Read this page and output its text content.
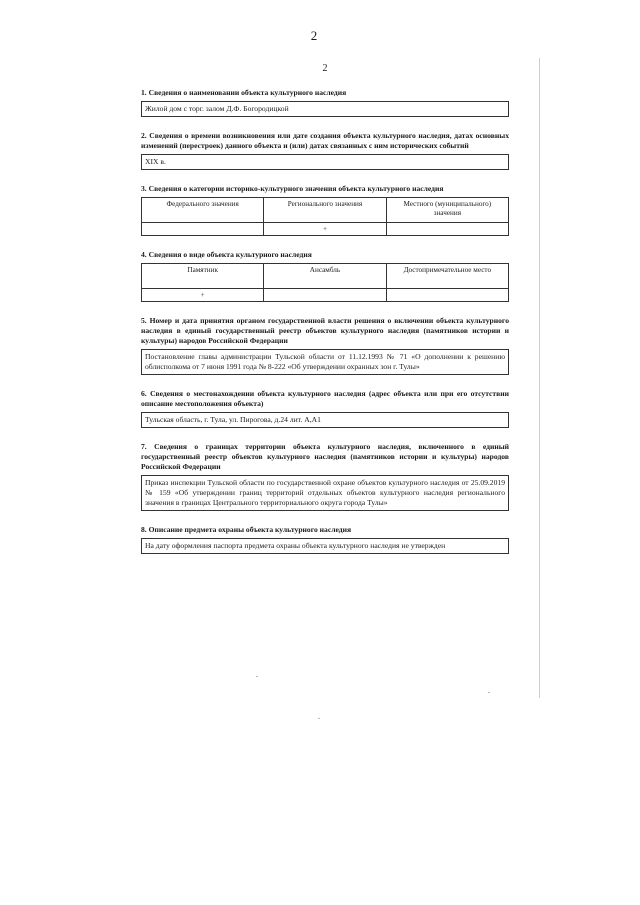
2
2
1. Сведения о наименовании объекта культурного наследия
Жилой дом с торг. залом Д.Ф. Богородицкой
2. Сведения о времени возникновения или дате создания объекта культурного наследия, датах основных изменений (перестроек) данного объекта и (или) датах связанных с ним исторических событий
XIX в.
3. Сведения о категории историко-культурного значения объекта культурного наследия
Федерального значения	Регионального значения	Местного (муниципального) значения
	+	
4. Сведения о виде объекта культурного наследия
Памятник	Ансамбль	Достопримечательное место
+		
5. Номер и дата принятия органом государственной власти решения о включении объекта культурного наследия в единый государственный реестр объектов культурного наследия (памятников истории и культуры) народов Российской Федерации
Постановление главы администрации Тульской области от 11.12.1993 № 71 «О дополнении к решению облисполкома от 7 июня 1991 года № 8-222 «Об утверждении охранных зон г. Тулы»
6. Сведения о местонахождении объекта культурного наследия (адрес объекта или при его отсутствии описание местоположения объекта)
Тульская область, г. Тула, ул. Пирогова, д.24 лит. А,А1
7. Сведения о границах территории объекта культурного наследия, включенного в единый государственный реестр объектов культурного наследия (памятников истории и культуры) народов Российской Федерации
Приказ инспекции Тульской области по государственной охране объектов культурного наследия от 25.09.2019 № 159 «Об утверждении границ территорий отдельных объектов культурного наследия регионального значения в границах Центрального территориального округа города Тулы»
8. Описание предмета охраны объекта культурного наследия
На дату оформления паспорта предмета охраны объекта культурного наследия не утвержден
